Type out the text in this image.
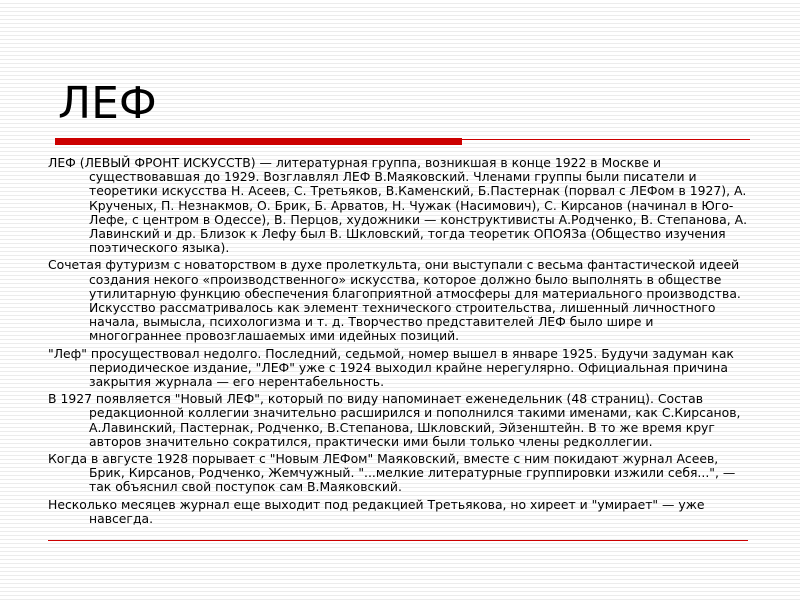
ЛЕФ

ЛЕФ (ЛЕВЫЙ ФРОНТ ИСКУССТВ) — литературная группа, возникшая в конце 1922 в Москве и существовавшая до 1929. Возглавлял ЛЕФ В.Маяковский. Членами группы были писатели и теоретики искусства Н. Асеев, С. Третьяков, В.Каменский, Б.Пастернак (порвал с ЛЕФом в 1927), А. Крученых, П. Незнакмов, О. Брик, Б. Арватов, Н. Чужак (Насимович), С. Кирсанов (начинал в Юго-Лефе, с центром в Одессе), В. Перцов, художники — конструктивисты А.Родченко, В. Степанова, А. Лавинский и др. Близок к Лефу был В. Шкловский, тогда теоретик ОПОЯЗа (Общество изучения поэтического языка).

Сочетая футуризм с новаторством в духе пролеткульта, они выступали с весьма фантастической идеей создания некого «производственного» искусства, которое должно было выполнять в обществе утилитарную функцию обеспечения благоприятной атмосферы для материального производства. Искусство рассматривалось как элемент технического строительства, лишенный личностного начала, вымысла, психологизма и т. д. Творчество представителей ЛЕФ было шире и многограннее провозглашаемых ими идейных позиций.

"Леф" просуществовал недолго. Последний, седьмой, номер вышел в январе 1925. Будучи задуман как периодическое издание, "ЛЕФ" уже с 1924 выходил крайне нерегулярно. Официальная причина закрытия журнала — его нерентабельность.

В 1927 появляется "Новый ЛЕФ", который по виду напоминает еженедельник (48 страниц). Состав редакционной коллегии значительно расширился и пополнился такими именами, как С.Кирсанов, А.Лавинский, Пастернак, Родченко, В.Степанова, Шкловский, Эйзенштейн. В то же время круг авторов значительно сократился, практически ими были только члены редколлегии.

Когда в августе 1928 порывает с "Новым ЛЕФом" Маяковский, вместе с ним покидают журнал Асеев, Брик, Кирсанов, Родченко, Жемчужный. "...мелкие литературные группировки изжили себя...", — так объяснил свой поступок сам В.Маяковский.

Несколько месяцев журнал еще выходит под редакцией Третьякова, но хиреет и "умирает" — уже навсегда.
